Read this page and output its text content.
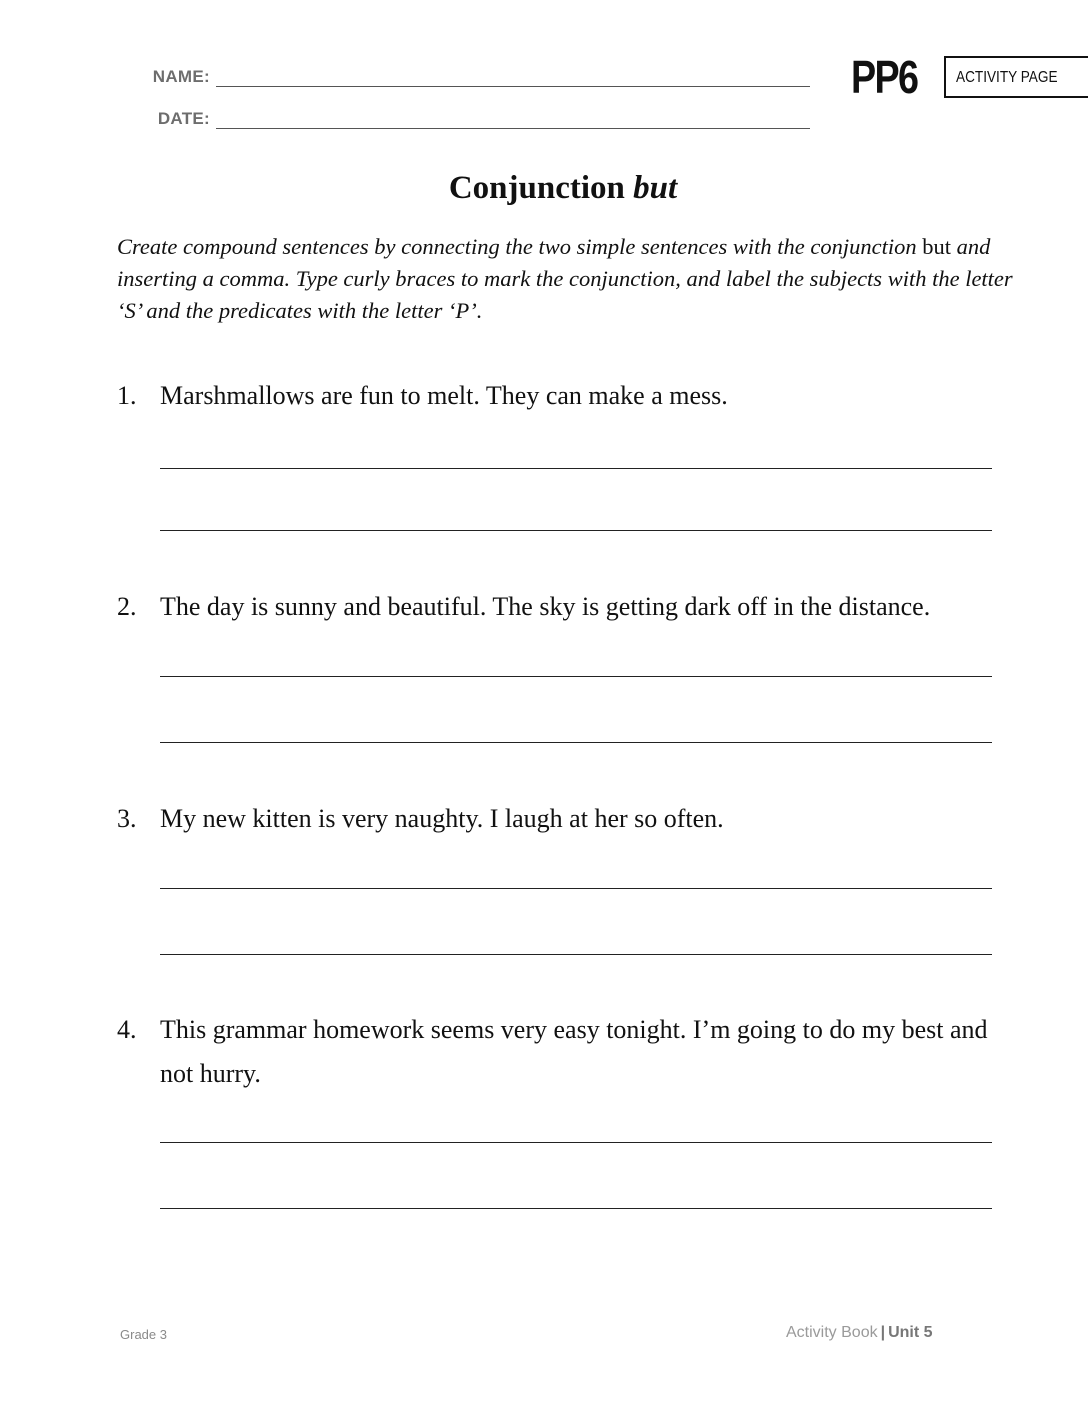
NAME:
DATE:
PP6 ACTIVITY PAGE
Conjunction but
Create compound sentences by connecting the two simple sentences with the conjunction but and inserting a comma. Type curly braces to mark the conjunction, and label the subjects with the letter ‘S’ and the predicates with the letter ‘P’.
1. Marshmallows are fun to melt. They can make a mess.
2. The day is sunny and beautiful. The sky is getting dark off in the distance.
3. My new kitten is very naughty. I laugh at her so often.
4. This grammar homework seems very easy tonight. I’m going to do my best and not hurry.
Grade 3	Activity Book | Unit 5
